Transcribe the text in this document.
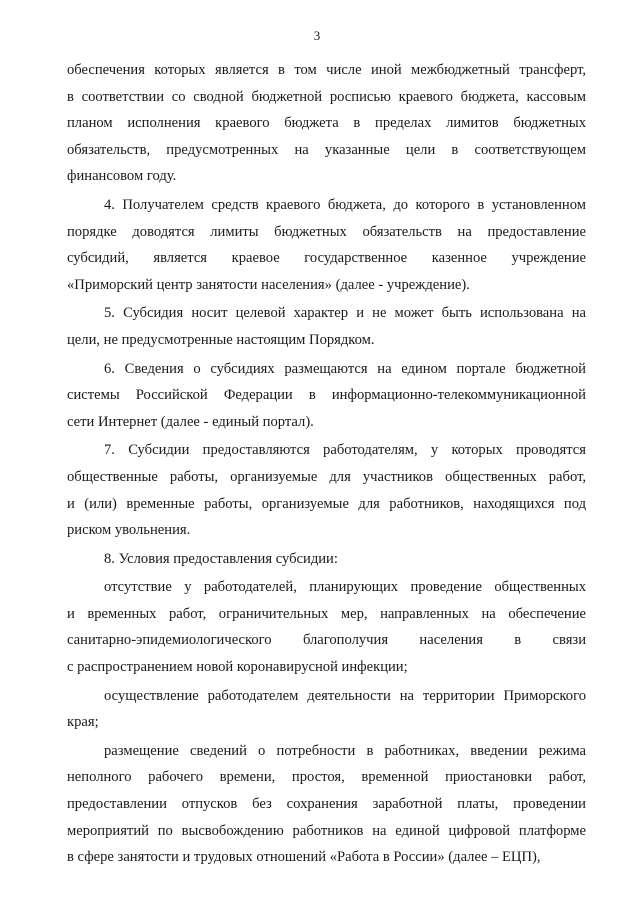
3
обеспечения которых является в том числе иной межбюджетный трансферт,
в соответствии со сводной бюджетной росписью краевого бюджета, кассовым
планом исполнения краевого бюджета в пределах лимитов бюджетных
обязательств, предусмотренных на указанные цели в соответствующем
финансовом году.
4. Получателем средств краевого бюджета, до которого в установленном
порядке доводятся лимиты бюджетных обязательств на предоставление
субсидий, является краевое государственное казенное учреждение
«Приморский центр занятости населения» (далее - учреждение).
5. Субсидия носит целевой характер и не может быть использована на
цели, не предусмотренные настоящим Порядком.
6. Сведения о субсидиях размещаются на едином портале бюджетной
системы Российской Федерации в информационно-телекоммуникационной
сети Интернет (далее - единый портал).
7. Субсидии предоставляются работодателям, у которых проводятся
общественные работы, организуемые для участников общественных работ,
и (или) временные работы, организуемые для работников, находящихся под
риском увольнения.
8. Условия предоставления субсидии:
отсутствие у работодателей, планирующих проведение общественных
и временных работ, ограничительных мер, направленных на обеспечение
санитарно-эпидемиологического благополучия населения в связи
с распространением новой коронавирусной инфекции;
осуществление работодателем деятельности на территории Приморского
края;
размещение сведений о потребности в работниках, введении режима
неполного рабочего времени, простоя, временной приостановки работ,
предоставлении отпусков без сохранения заработной платы, проведении
мероприятий по высвобождению работников на единой цифровой платформе
в сфере занятости и трудовых отношений «Работа в России» (далее – ЕЦП),
